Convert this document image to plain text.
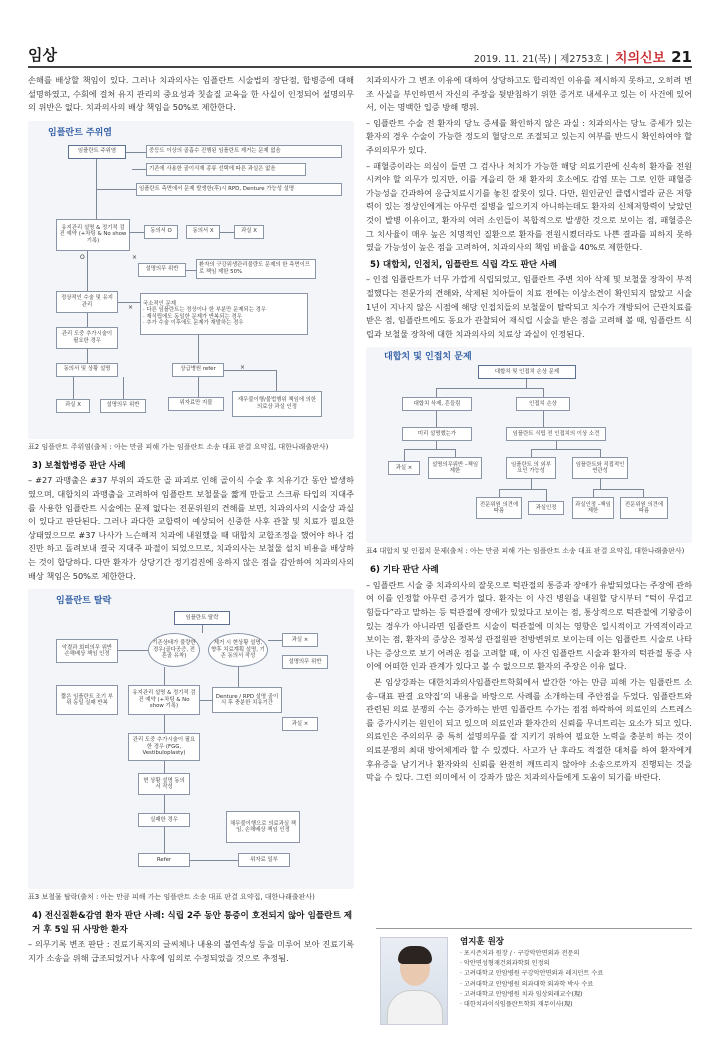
임상	2019. 11. 21(목) | 제2753호 | 치의신보 21

손해를 배상할 책임이 있다. 그러나 치과의사는 임플란트 시술법의 장단점, 합병증에 대해 설명하였고, 수회에 걸쳐 유지 관리의 중요성과 칫솔질 교육을 한 사실이 인정되어 설명의무의 위반은 없다. 치과의사의 배상 책임을 50%로 제한한다.

임플란트 주위염
임플란트 주위염	중등도 이상의 골흡수 진행된 임플란트 제거는 문제 없음
기존에 사용한 골이식재 종류 선택에 따른 과실은 없음
임플란트 측면에서 문제 발생한(후)시 RPD, Denture 가능성 설명
유지관리 설명 & 정기적 검진 예약 (+차팅 & No show 기록)
동의서 O	동의서 X	과실 X
O	×
설명의무 위반
환자의 구강위생관리불량도 문제의 한 측면이므로 책임 제한 50%
정상적인 수술 및 유지관리	국소적인 문제
· 다른 임플란트는 정상이나 한 부분만 문제되는 경우
· 재식립에도 동일한 문제가 반복되는 경우
· 추가 수술 이후에도 문제가 재발하는 경우
×
관리 도중 추가시술이 필요한 경우
동의서 및 상황 설명	상급병원 refer
과실 X	설명의무 위반	위자료만 지불
재무불이행/불법행위 책임에 의한 의료상 과실 인정
×

표2 임플란트 주위염(출처 : 아는 만큼 피해 가는 임플란트 소송 대표 판결 요약집, 대한나래출판사)

3) 보철합병증 판단 사례

– #27 과맹출은 #37 부위의 과도한 골 파괴로 인해 골이식 수술 후 치유기간 동안 발생하였으며, 대합치의 과맹출을 고려하여 임플란트 보철물을 짧게 만들고 스크류 타입의 지대주를 사용한 임플란트 시술에는 문제 없다는 전문위원의 견해를 보면, 치과의사의 시술상 과실이 있다고 판단된다. 그러나 과다한 교합력이 예상되어 신중한 사후 관찰 및 치료가 필요한 상태였으므로 #37 나사가 느슨해져 치과에 내원했을 때 대합치 교합조정을 했어야 하나 검진만 하고 돌려보내 결국 지대주 파절이 되었으므로, 치과의사는 보철물 설치 비용을 배상하는 것이 합당하다. 다만 환자가 상당기간 정기검진에 응하지 않은 점을 감안하여 치과의사의 배상 책임은 50%로 제한한다.

임플란트 탈락
임플란트 탈락
악결과 회피의무 위반 손해배상 책임 인정
기존상태가 불량한 경우(골다공증, 전혼골 유착)
제거 시 현상황 설명, 향후 치료계획 설명, 기존 동의서 작성
과실 ×
설명의무 위반
짧은 임플란트 조기 부위 동일 실패 반복
유지관리 설명 & 정기적 검진 예약 (+차팅 & No show 기록)
Denture / RPD 설명 골이식 후 충분한 치유기간
과실 ×
관리 도중 추가시술이 필요한 경우 (FGG, Vestibuloplasty)
현 상황 설명 동의서 작성
실패한 경우
채무불이행으로 의료과실 책임, 손해배상 책임 인정
Refer	위자료 일부

표3 보철물 탈락(출처 : 아는 만큼 피해 가는 임플란트 소송 대표 판결 요약집, 대한나래출판사)

4) 전신질환&감염 환자 판단 사례: 식립 2주 동안 통증이 호전되지 않아 임플란트 제거 후 5일 뒤 사망한 환자

– 의무기록 변조 판단 : 진료기록지의 글씨체나 내용의 불연속성 등을 미루어 보아 진료기록지가 소송을 위해 급조되었거나 사후에 임의로 수정되었을 것으로 추정됨.

치과의사가 그 변조 이유에 대하여 상당하고도 합리적인 이유를 제시하지 못하고, 오히려 변조 사실을 부인하면서 자신의 주장을 뒷받침하기 위한 증거로 내세우고 있는 이 사건에 있어서, 이는 명백한 입증 방해 행위.

– 임플란트 수술 전 환자의 당뇨 증세를 확인하지 않은 과실 : 치과의사는 당뇨 증세가 있는 환자의 경우 수술이 가능한 정도의 혈당으로 조절되고 있는지 여부를 반드시 확인하여야 할 주의의무가 있다.

– 패혈증이라는 의심이 들면 그 검사나 처치가 가능한 해당 의료기관에 신속히 환자를 전원시켜야 할 의무가 있지만, 이를 게을리 한 채 환자의 호소에도 감염 또는 그로 인한 패혈증 가능성을 간과하여 응급치료시기를 놓친 잘못이 있다. 다만, 원인균인 클렙시엘라 균은 저항력이 있는 정상인에게는 아무런 질병을 일으키지 아니하는데도 환자의 신체저항력이 낮았던 것이 발병 이유이고, 환자의 여러 소인들이 복합적으로 발생한 것으로 보이는 점, 패혈증은 그 치사율이 매우 높은 치명적인 질환으로 환자를 전원시켰더라도 나쁜 결과를 피하지 못하였을 가능성이 높은 점을 고려하여, 치과의사의 책임 비율을 40%로 제한한다.

5) 대합치, 인접치, 임플란트 식립 각도 판단 사례

– 인접 임플란트가 너무 가깝게 식립되었고, 임플란트 주변 치아 삭제 및 보철물 장착이 부적절했다는 전문가의 견해와, 삭제된 치아들이 치료 전에는 이상소견이 확인되지 않았고 시술 1년이 지나지 않은 시점에 해당 인접치들의 보철물이 탈락되고 치수가 개방되어 근관치료를 받은 점, 임플란트에도 동요가 관찰되어 재식립 시술을 받은 점을 고려해 볼 때, 임플란트 식립과 보철물 장착에 대한 치과의사의 치료상 과실이 인정된다.

대합치 및 인접치 문제
대합치 및 인접치 손상 문제
대합치 삭제, 흔들림	인접치 손상
미리 설명했는가	임플란트 식립 전 인접치의 이상 소견
과실 ×
설명의무위반 –책임제한
임플란트 의 외부 요인 가능성
임플란트와 직접적인 연관성
전문위원 의견에 따름
과실인정
과실인정 –책임제한
전문위원 의견에 따름

표4 대합치 및 인접치 문제(출처 : 아는 만큼 피해 가는 임플란트 소송 대표 판결 요약집, 대한나래출판사)

6) 기타 판단 사례

– 임플란트 시술 중 치과의사의 잘못으로 턱관절의 통증과 장애가 유발되었다는 주장에 관하여 이를 인정할 아무런 증거가 없다. 환자는 이 사건 병원을 내원할 당시부터 “턱이 무겁고 힘들다”라고 말하는 등 턱관절에 장애가 있었다고 보이는 점, 통상적으로 턱관절에 기왕증이 있는 경우가 아니라면 임플란트 시술이 턱관절에 미치는 영향은 일시적이고 가역적이라고 보이는 점, 환자의 증상은 정복성 관절원판 전방변위로 보이는데 이는 임플란트 시술로 나타나는 증상으로 보기 어려운 점을 고려할 때, 이 사건 임플란트 시술과 환자의 턱관절 통증 사이에 어떠한 인과 관계가 있다고 볼 수 없으므로 환자의 주장은 이유 없다.

본 임상강좌는 대한치과의사임플란트학회에서 발간한 ‘아는 만큼 피해 가는 임플란트 소송–대표 판결 요약집’의 내용을 바탕으로 사례를 소개하는데 주안점을 두었다. 임플란트와 관련된 의료 분쟁의 수는 증가하는 반면 임플란트 수가는 점점 하락하여 의료인의 스트레스를 증가시키는 원인이 되고 있으며 의료인과 환자간의 신뢰를 무너트리는 요소가 되고 있다. 의료인은 주의의무 중 특히 설명의무를 잘 지키기 위하여 필요한 노력을 충분히 하는 것이 의료분쟁의 최대 방어체계라 할 수 있겠다. 사고가 난 후라도 적절한 대처를 하여 환자에게 후유증을 남기거나 환자와의 신뢰를 완전히 깨뜨리지 않아야 소송으로까지 진행되는 것을 막을 수 있다. 그런 의미에서 이 강좌가 많은 치과의사들에게 도움이 되기를 바란다.

염지훈 원장
· 포시즌치과 원장 / · 구강악안면외과 전문의
· 악안면성형재건외과학회 인정의
· 고려대학교 안암병원 구강악안면외과 레지던트 수료
· 고려대학교 안암병원 의과대학 외과학 박사 수료
· 고려대학교 안암병원 치과 임상외래교수(現)
· 대한치과이식임플란트학회 재무이사(現)
